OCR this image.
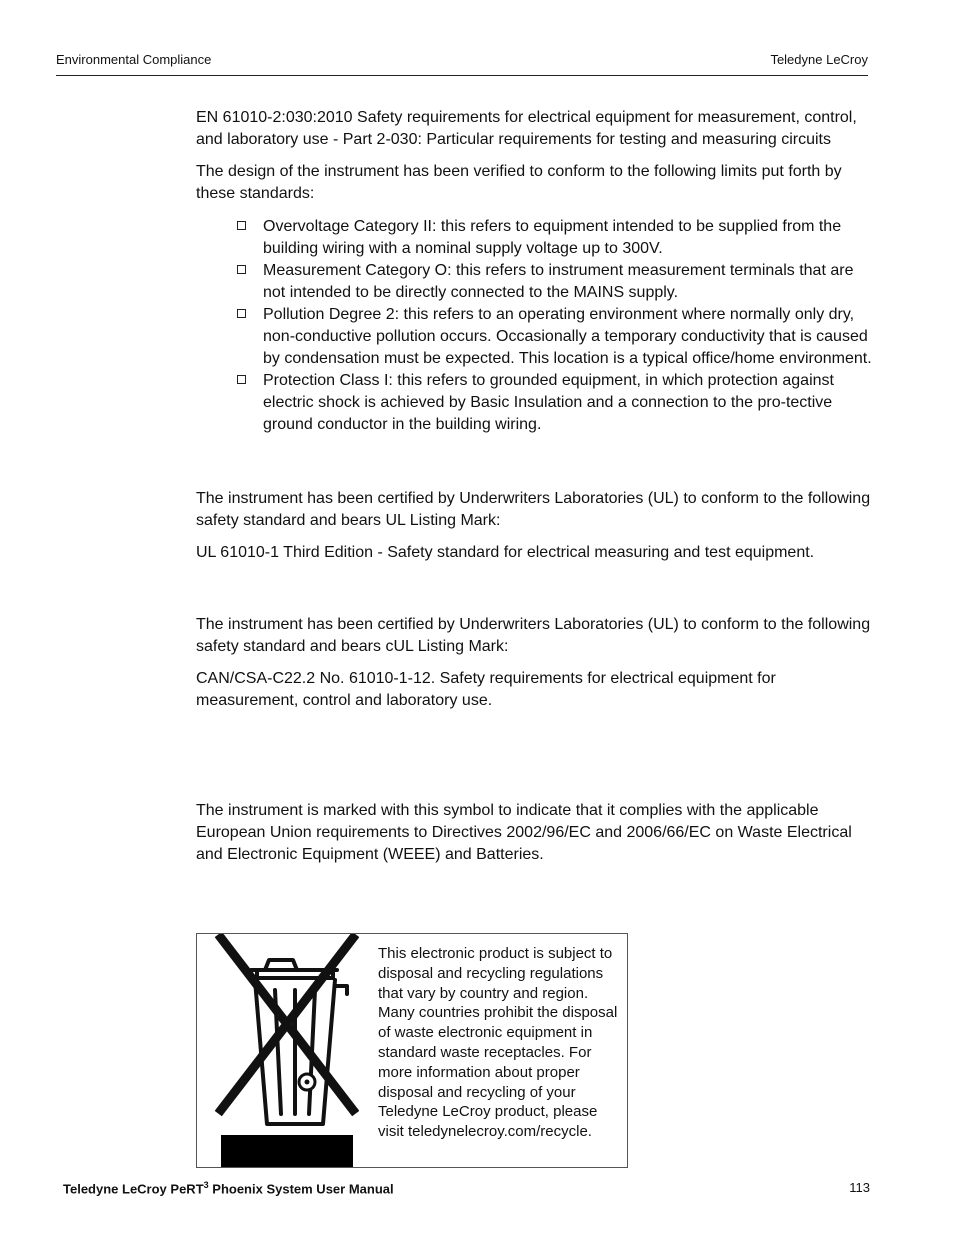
Environmental Compliance	Teledyne LeCroy

EN 61010-2:030:2010 Safety requirements for electrical equipment for measurement, control, and laboratory use - Part 2-030: Particular requirements for testing and measuring circuits

The design of the instrument has been verified to conform to the following limits put forth by these standards:

Overvoltage Category II: this refers to equipment intended to be supplied from the building wiring with a nominal supply voltage up to 300V.
Measurement Category O: this refers to instrument measurement terminals that are not intended to be directly connected to the MAINS supply.
Pollution Degree 2: this refers to an operating environment where normally only dry, non-conductive pollution occurs. Occasionally a temporary conductivity that is caused by condensation must be expected. This location is a typical office/home environment.
Protection Class I: this refers to grounded equipment, in which protection against electric shock is achieved by Basic Insulation and a connection to the pro-tective ground conductor in the building wiring.

The instrument has been certified by Underwriters Laboratories (UL) to conform to the following safety standard and bears UL Listing Mark:

UL 61010-1 Third Edition - Safety standard for electrical measuring and test equipment.

The instrument has been certified by Underwriters Laboratories (UL) to conform to the following safety standard and bears cUL Listing Mark:

CAN/CSA-C22.2 No. 61010-1-12. Safety requirements for electrical equipment for measurement, control and laboratory use.

The instrument is marked with this symbol to indicate that it complies with the applicable European Union requirements to Directives 2002/96/EC and 2006/66/EC on Waste Electrical and Electronic Equipment (WEEE) and Batteries.

This electronic product is subject to disposal and recycling regulations that vary by country and region. Many countries prohibit the disposal of waste electronic equipment in standard waste receptacles. For more information about proper disposal and recycling of your Teledyne LeCroy product, please visit teledynelecroy.com/recycle.
Teledyne LeCroy PeRT$^3$ Phoenix System User Manual	113
